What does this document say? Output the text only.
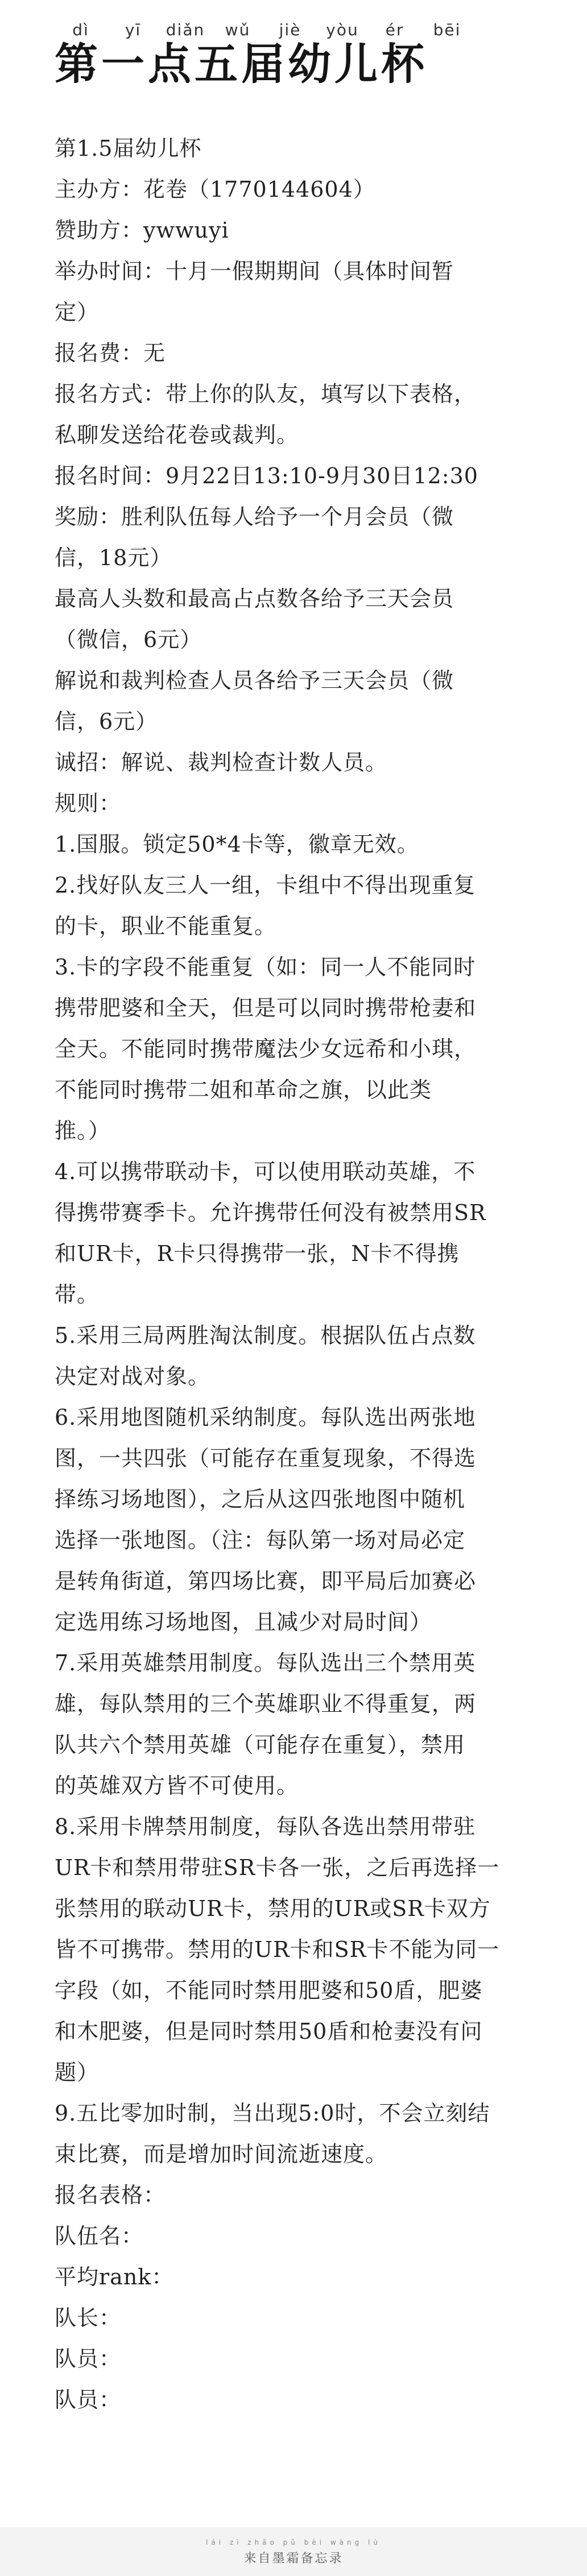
dì yī diǎn wǔ jiè yòu ér bēi
第一点五届幼儿杯
第1.5届幼儿杯
主办方：花卷（1770144604）
赞助方：ywwuyi
举办时间：十月一假期期间（具体时间暂
定）
报名费：无
报名方式：带上你的队友，填写以下表格，
私聊发送给花卷或裁判。
报名时间：9月22日13:10-9月30日12:30
奖励：胜利队伍每人给予一个月会员（微
信，18元）
最高人头数和最高占点数各给予三天会员
（微信，6元）
解说和裁判检查人员各给予三天会员（微
信，6元）
诚招：解说、裁判检查计数人员。
规则：
1.国服。锁定50*4卡等，徽章无效。
2.找好队友三人一组，卡组中不得出现重复
的卡，职业不能重复。
3.卡的字段不能重复（如：同一人不能同时
携带肥婆和全天，但是可以同时携带枪妻和
全天。不能同时携带魔法少女远希和小琪，
不能同时携带二姐和革命之旗，以此类
推。）
4.可以携带联动卡，可以使用联动英雄，不
得携带赛季卡。允许携带任何没有被禁用SR
和UR卡，R卡只得携带一张，N卡不得携
带。
5.采用三局两胜淘汰制度。根据队伍占点数
决定对战对象。
6.采用地图随机采纳制度。每队选出两张地
图，一共四张（可能存在重复现象，不得选
择练习场地图），之后从这四张地图中随机
选择一张地图。（注：每队第一场对局必定
是转角街道，第四场比赛，即平局后加赛必
定选用练习场地图，且减少对局时间）
7.采用英雄禁用制度。每队选出三个禁用英
雄，每队禁用的三个英雄职业不得重复，两
队共六个禁用英雄（可能存在重复），禁用
的英雄双方皆不可使用。
8.采用卡牌禁用制度，每队各选出禁用带驻
UR卡和禁用带驻SR卡各一张，之后再选择一
张禁用的联动UR卡，禁用的UR或SR卡双方
皆不可携带。禁用的UR卡和SR卡不能为同一
字段（如，不能同时禁用肥婆和50盾，肥婆
和木肥婆，但是同时禁用50盾和枪妻没有问
题）
9.五比零加时制，当出现5:0时，不会立刻结
束比赛，而是增加时间流逝速度。
报名表格：
队伍名：
平均rank：
队长：
队员：
队员：
lái zì zhǎo pǔ bèi wàng lù
来自墨霜备忘录
